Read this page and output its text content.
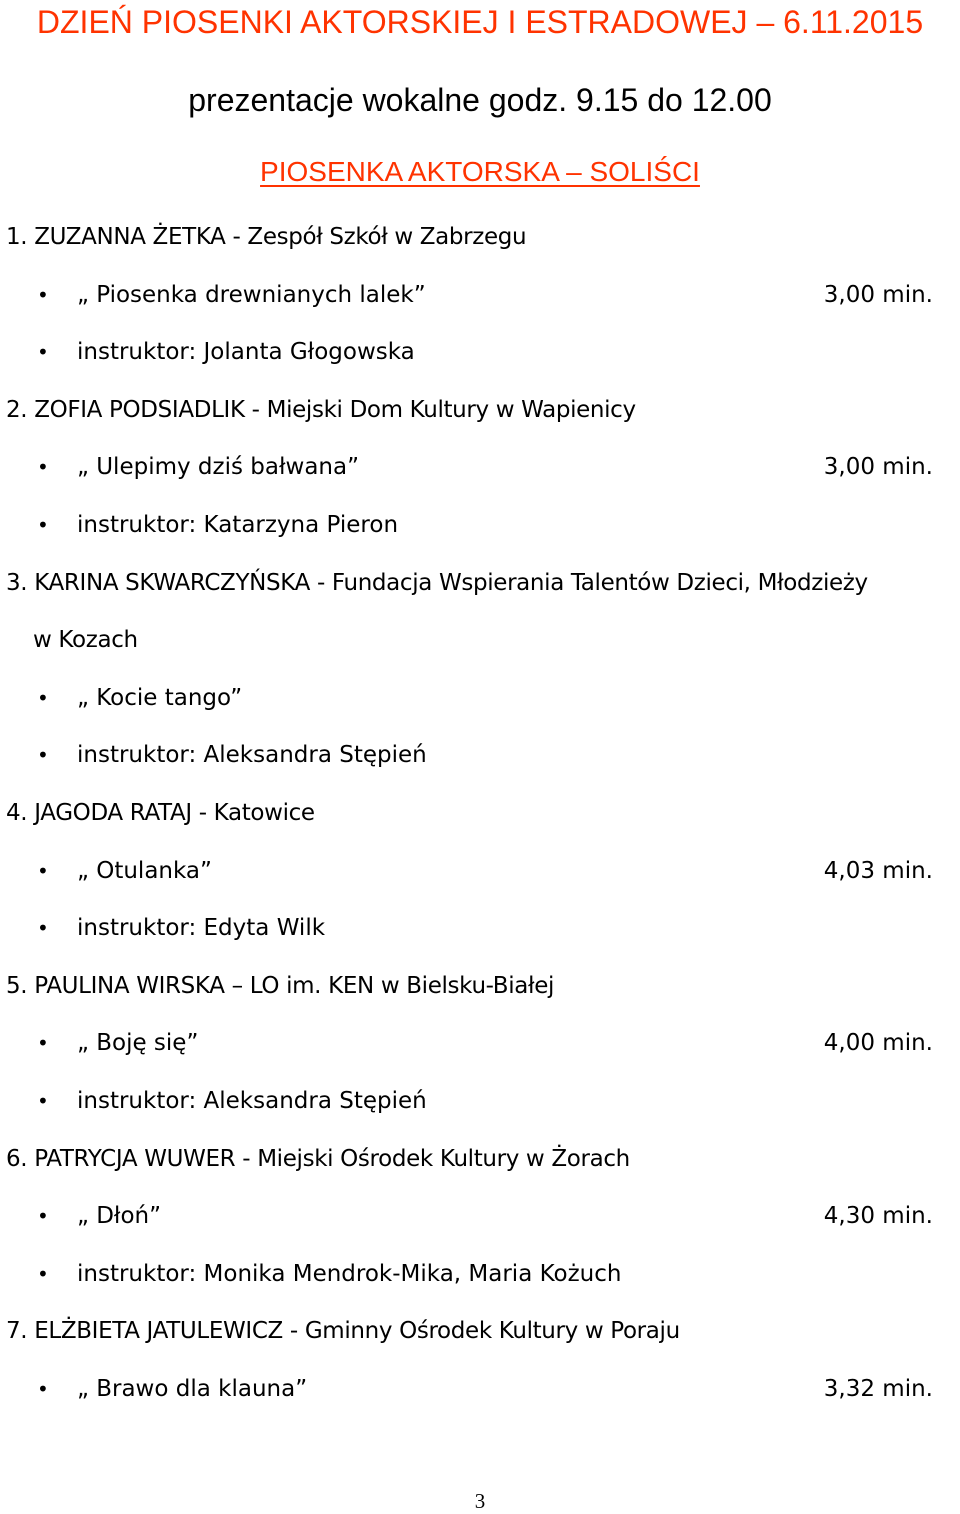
DZIEŃ PIOSENKI AKTORSKIEJ I ESTRADOWEJ – 6.11.2015
prezentacje wokalne godz. 9.15 do 12.00
PIOSENKA AKTORSKA – SOLIŚCI
1. ZUZANNA ŻETKA - Zespół Szkół w Zabrzegu
• „ Piosenka drewnianych lalek”	3,00 min.
• instruktor: Jolanta Głogowska
2. ZOFIA PODSIADLIK - Miejski Dom Kultury w Wapienicy
• „ Ulepimy dziś bałwana”	3,00 min.
• instruktor: Katarzyna Pieron
3. KARINA SKWARCZYŃSKA - Fundacja Wspierania Talentów Dzieci, Młodzieży
w Kozach
• „ Kocie tango”
• instruktor: Aleksandra Stępień
4. JAGODA RATAJ - Katowice
• „ Otulanka”	4,03 min.
• instruktor: Edyta Wilk
5. PAULINA WIRSKA – LO im. KEN w Bielsku-Białej
• „ Boję się”	4,00 min.
• instruktor: Aleksandra Stępień
6. PATRYCJA WUWER - Miejski Ośrodek Kultury w Żorach
• „ Dłoń”	4,30 min.
• instruktor: Monika Mendrok-Mika, Maria Kożuch
7. ELŻBIETA JATULEWICZ - Gminny Ośrodek Kultury w Poraju
• „ Brawo dla klauna”	3,32 min.
3
